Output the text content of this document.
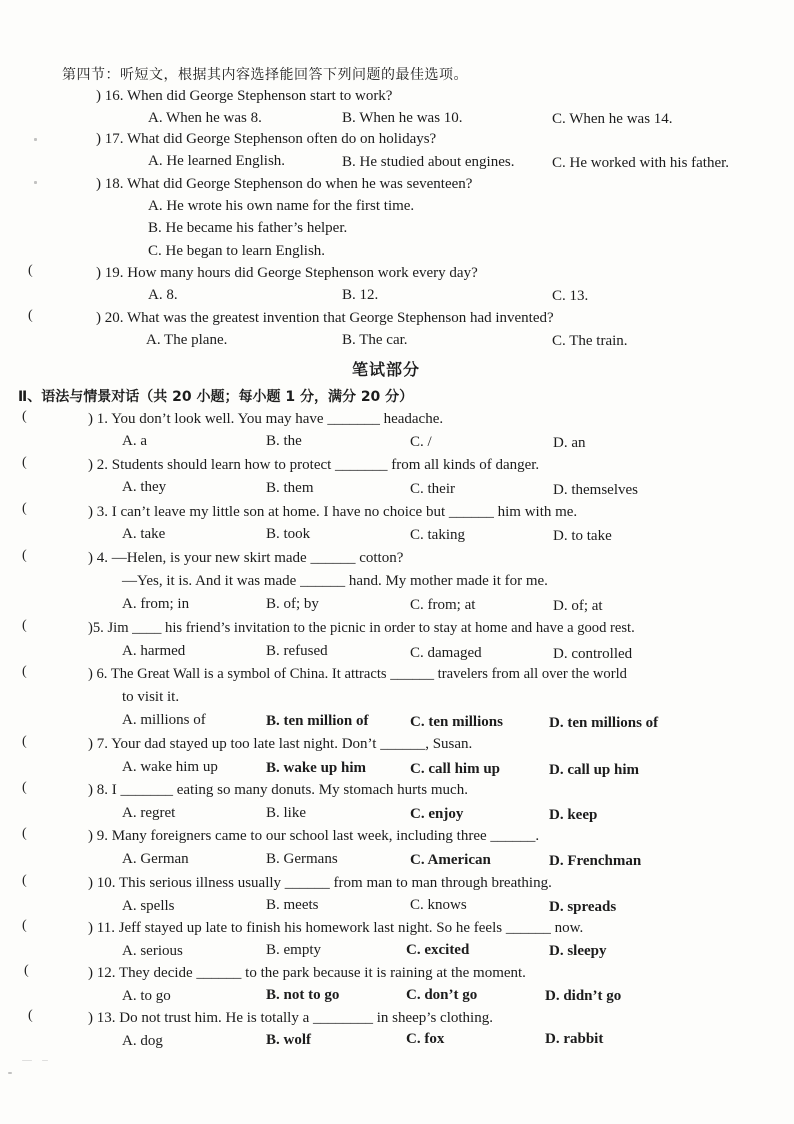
第四节：听短文，根据其内容选择能回答下列问题的最佳选项。
) 16. When did George Stephenson start to work?
A. When he was 8.	B. When he was 10.	C. When he was 14.
) 17. What did George Stephenson often do on holidays?
A. He learned English.	B. He studied about engines.	C. He worked with his father.
) 18. What did George Stephenson do when he was seventeen?
A. He wrote his own name for the first time.
B. He became his father’s helper.
C. He began to learn English.
(	) 19. How many hours did George Stephenson work every day?
A. 8.	B. 12.	C. 13.
(	) 20. What was the greatest invention that George Stephenson had invented?
A. The plane.	B. The car.	C. The train.
笔试部分
Ⅱ、语法与情景对话（共 20 小题；每小题 1 分，满分 20 分）
(	) 1. You don’t look well. You may have _______ headache.
A. a	B. the	C. /	D. an
(	) 2. Students should learn how to protect _______ from all kinds of danger.
A. they	B. them	C. their	D. themselves
(	) 3. I can’t leave my little son at home. I have no choice but ______ him with me.
A. take	B. took	C. taking	D. to take
(	) 4. —Helen, is your new skirt made ______ cotton?
—Yes, it is. And it was made ______ hand. My mother made it for me.
A. from; in	B. of; by	C. from; at	D. of; at
(	)5. Jim ____ his friend’s invitation to the picnic in order to stay at home and have a good rest.
A. harmed	B. refused	C. damaged	D. controlled
(	) 6. The Great Wall is a symbol of China. It attracts ______ travelers from all over the world
to visit it.
A. millions of	B. ten million of	C. ten millions	D. ten millions of
(	) 7. Your dad stayed up too late last night. Don’t ______, Susan.
A. wake him up	B. wake up him	C. call him up	D. call up him
(	) 8. I _______ eating so many donuts. My stomach hurts much.
A. regret	B. like	C. enjoy	D. keep
(	) 9. Many foreigners came to our school last week, including three ______.
A. German	B. Germans	C. American	D. Frenchman
(	) 10. This serious illness usually ______ from man to man through breathing.
A. spells	B. meets	C. knows	D. spreads
(	) 11. Jeff stayed up late to finish his homework last night. So he feels ______ now.
A. serious	B. empty	C. excited	D. sleepy
(	) 12. They decide ______ to the park because it is raining at the moment.
A. to go	B. not to go	C. don’t go	D. didn’t go
(	) 13. Do not trust him. He is totally a ________ in sheep’s clothing.
A. dog	B. wolf	C. fox	D. rabbit
